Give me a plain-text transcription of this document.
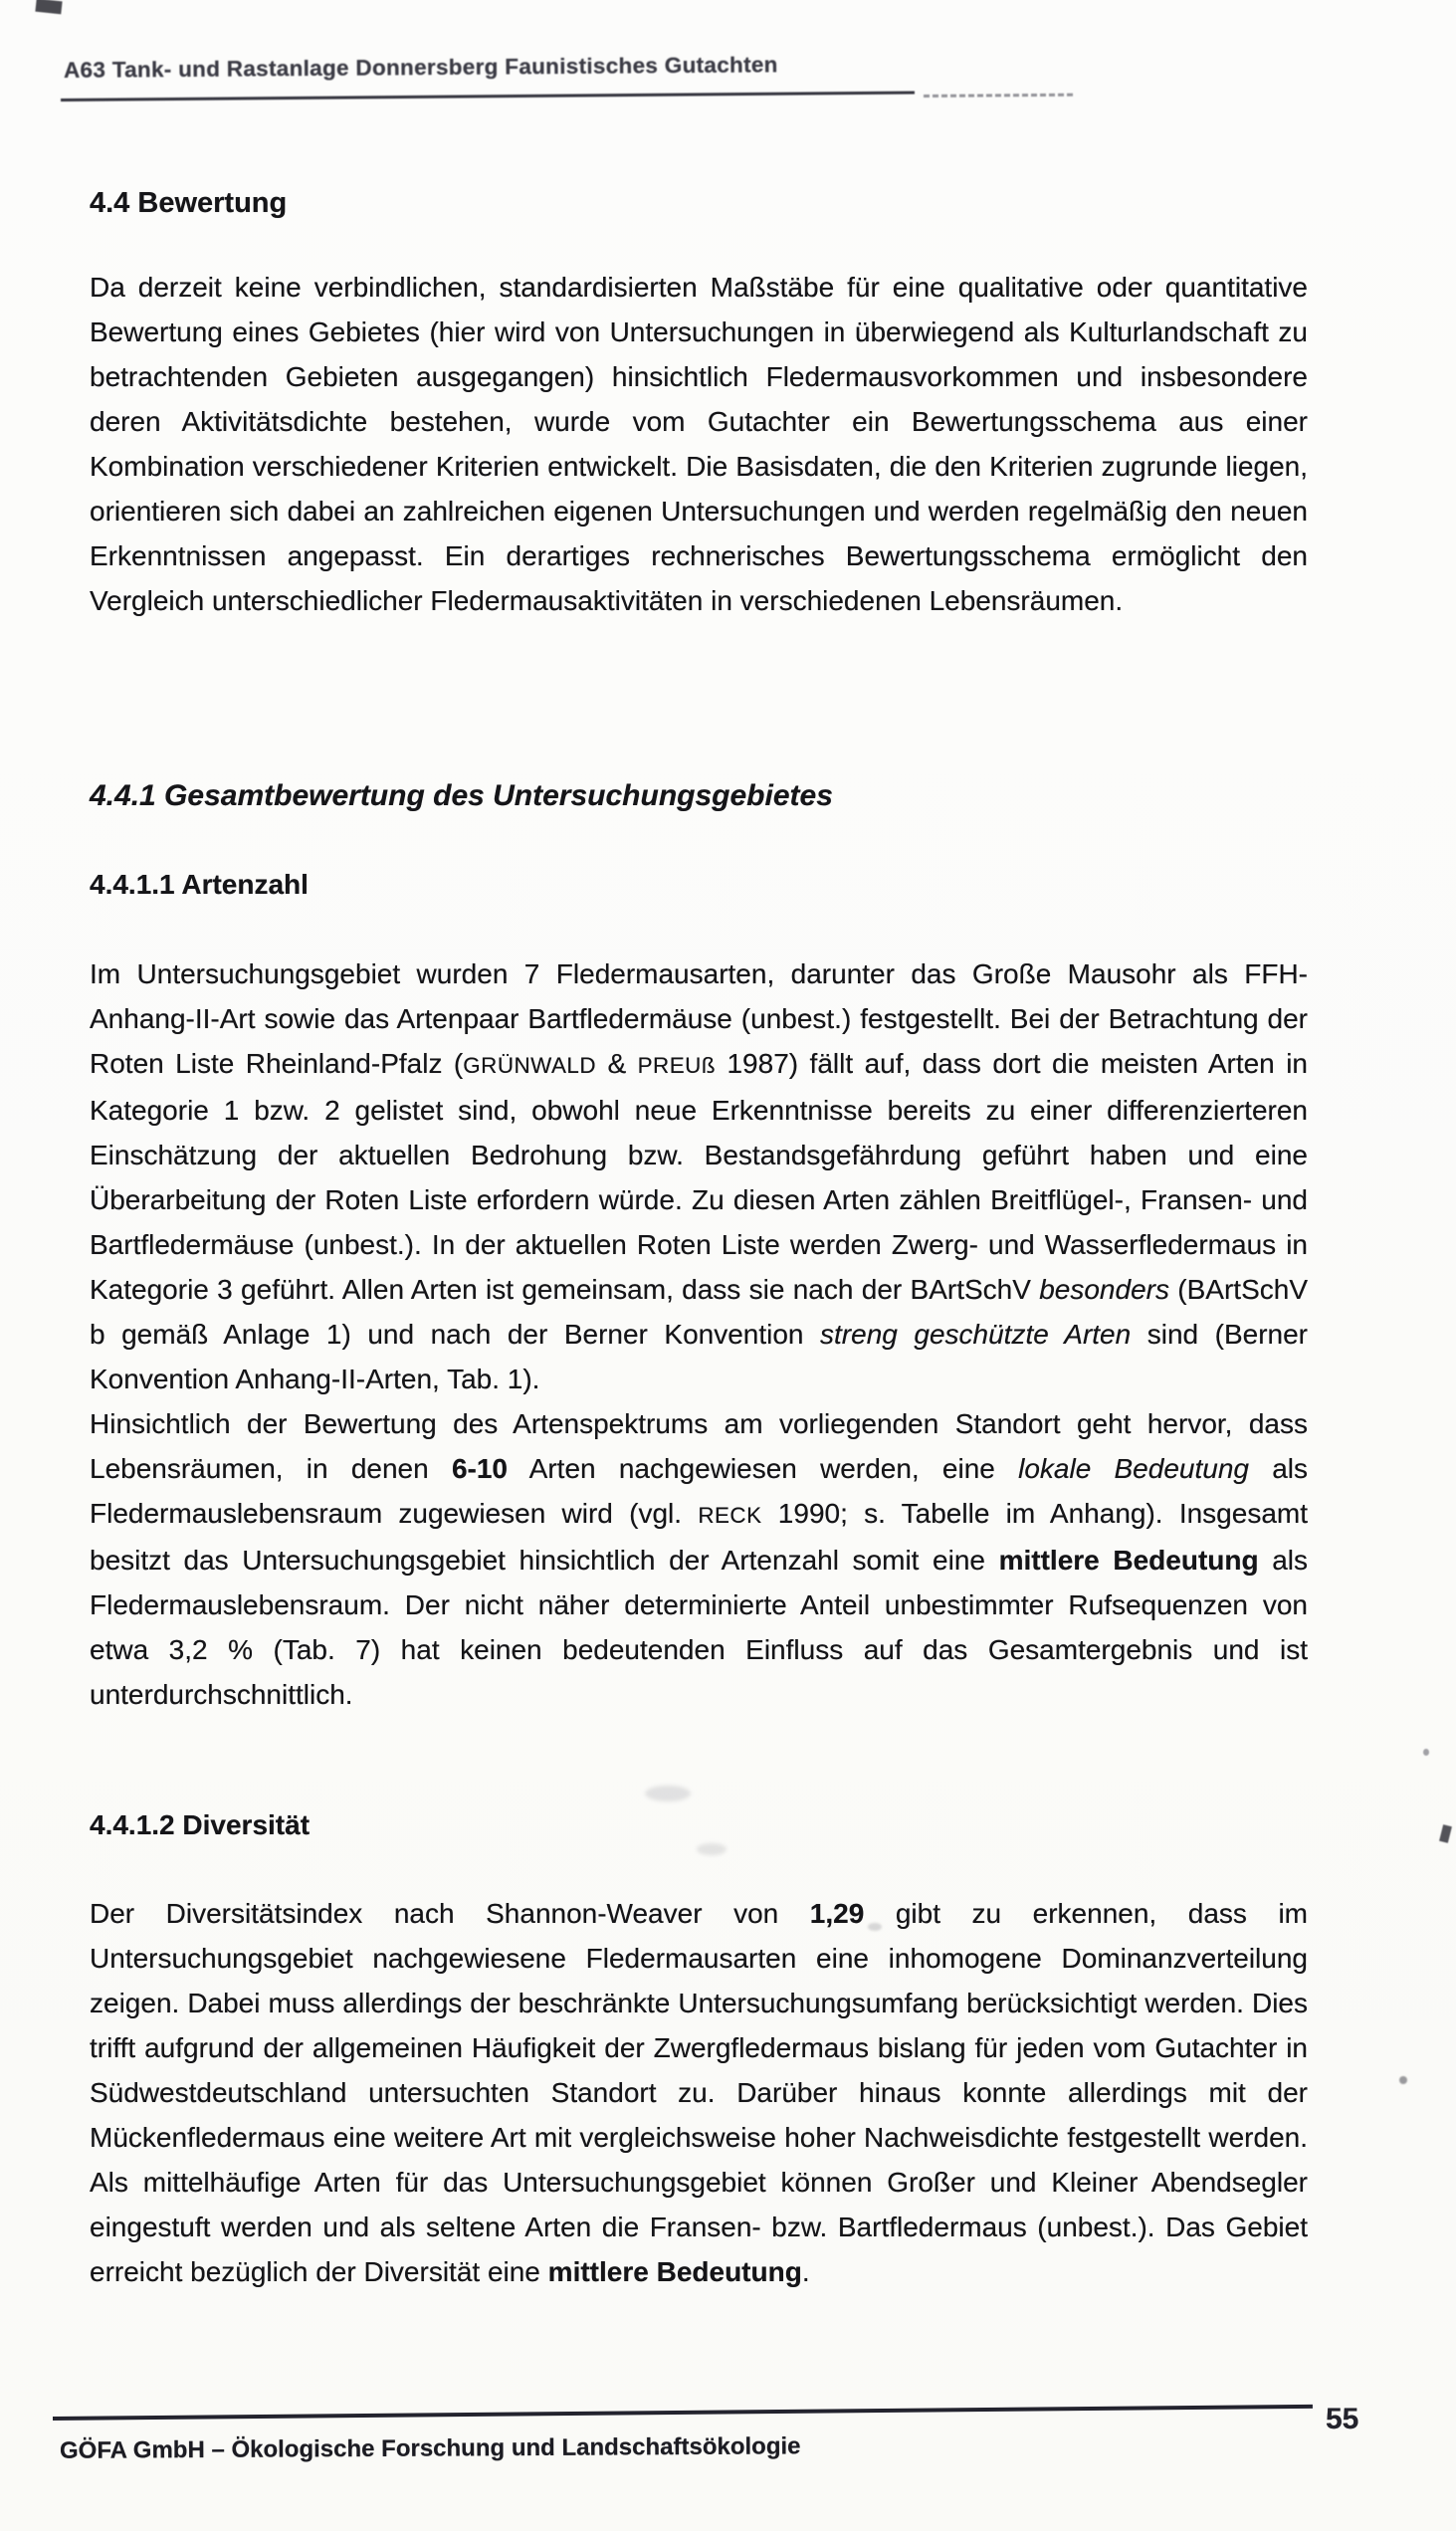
A63 Tank- und Rastanlage Donnersberg Faunistisches Gutachten
4.4 Bewertung

Da derzeit keine verbindlichen, standardisierten Maßstäbe für eine qualitative oder quantitative Bewertung eines Gebietes (hier wird von Untersuchungen in überwiegend als Kulturlandschaft zu betrachtenden Gebieten ausgegangen) hinsichtlich Fledermausvorkommen und insbesondere deren Aktivitätsdichte bestehen, wurde vom Gutachter ein Bewertungsschema aus einer Kombination verschiedener Kriterien entwickelt. Die Basisdaten, die den Kriterien zugrunde liegen, orientieren sich dabei an zahlreichen eigenen Untersuchungen und werden regelmäßig den neuen Erkenntnissen angepasst. Ein derartiges rechnerisches Bewertungsschema ermöglicht den Vergleich unterschiedlicher Fledermausaktivitäten in verschiedenen Lebensräumen.

4.4.1 Gesamtbewertung des Untersuchungsgebietes
4.4.1.1 Artenzahl

Im Untersuchungsgebiet wurden 7 Fledermausarten, darunter das Große Mausohr als FFH-Anhang-II-Art sowie das Artenpaar Bartfledermäuse (unbest.) festgestellt. Bei der Betrachtung der Roten Liste Rheinland-Pfalz (GRÜNWALD & PREUß 1987) fällt auf, dass dort die meisten Arten in Kategorie 1 bzw. 2 gelistet sind, obwohl neue Erkenntnisse bereits zu einer differenzierteren Einschätzung der aktuellen Bedrohung bzw. Bestandsgefährdung geführt haben und eine Überarbeitung der Roten Liste erfordern würde. Zu diesen Arten zählen Breitflügel-, Fransen- und Bartfledermäuse (unbest.). In der aktuellen Roten Liste werden Zwerg- und Wasserfledermaus in Kategorie 3 geführt. Allen Arten ist gemeinsam, dass sie nach der BArtSchV besonders (BArtSchV b gemäß Anlage 1) und nach der Berner Konvention streng geschützte Arten sind (Berner Konvention Anhang-II-Arten, Tab. 1).

Hinsichtlich der Bewertung des Artenspektrums am vorliegenden Standort geht hervor, dass Lebensräumen, in denen 6-10 Arten nachgewiesen werden, eine lokale Bedeutung als Fledermauslebensraum zugewiesen wird (vgl. RECK 1990; s. Tabelle im Anhang). Insgesamt besitzt das Untersuchungsgebiet hinsichtlich der Artenzahl somit eine mittlere Bedeutung als Fledermauslebensraum. Der nicht näher determinierte Anteil unbestimmter Rufsequenzen von etwa 3,2 % (Tab. 7) hat keinen bedeutenden Einfluss auf das Gesamtergebnis und ist unterdurchschnittlich.

4.4.1.2 Diversität

Der Diversitätsindex nach Shannon-Weaver von 1,29 gibt zu erkennen, dass im Untersuchungsgebiet nachgewiesene Fledermausarten eine inhomogene Dominanzverteilung zeigen. Dabei muss allerdings der beschränkte Untersuchungsumfang berücksichtigt werden. Dies trifft aufgrund der allgemeinen Häufigkeit der Zwergfledermaus bislang für jeden vom Gutachter in Südwestdeutschland untersuchten Standort zu. Darüber hinaus konnte allerdings mit der Mückenfledermaus eine weitere Art mit vergleichsweise hoher Nachweisdichte festgestellt werden. Als mittelhäufige Arten für das Untersuchungsgebiet können Großer und Kleiner Abendsegler eingestuft werden und als seltene Arten die Fransen- bzw. Bartfledermaus (unbest.). Das Gebiet erreicht bezüglich der Diversität eine mittlere Bedeutung.

GÖFA GmbH – Ökologische Forschung und Landschaftsökologie
55
